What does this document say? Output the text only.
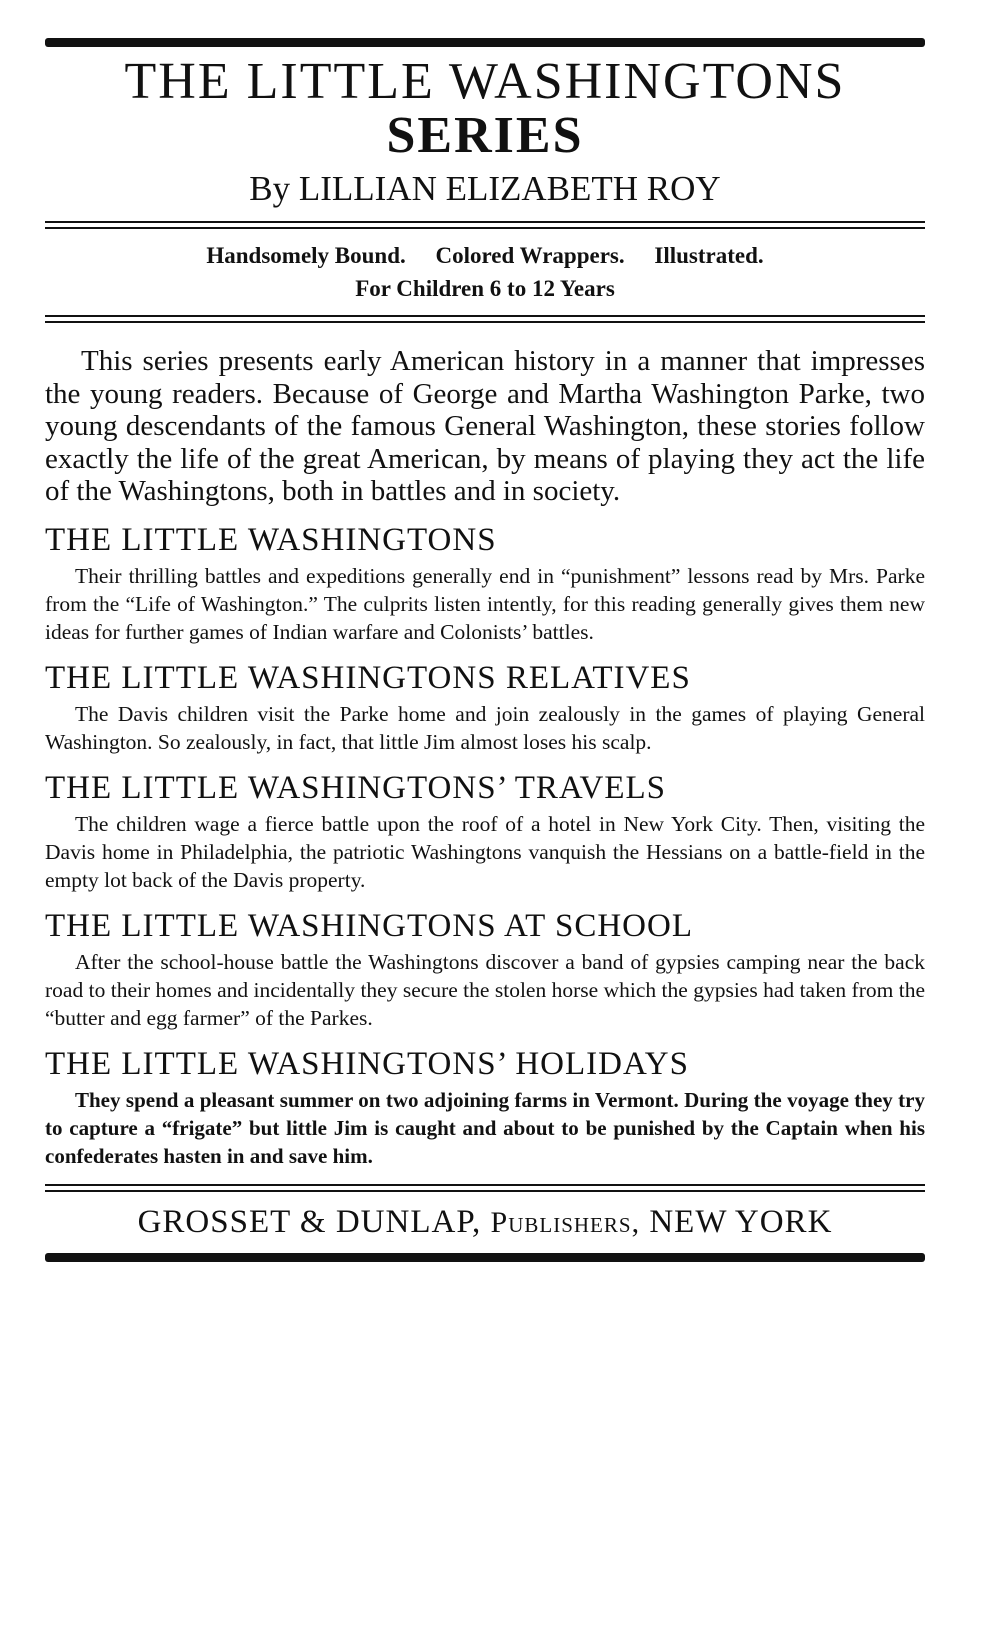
THE LITTLE WASHINGTONS
SERIES
By LILLIAN ELIZABETH ROY
Handsomely Bound. Colored Wrappers. Illustrated.
For Children 6 to 12 Years

This series presents early American history in a manner that impresses the young readers. Because of George and Martha Washington Parke, two young descendants of the famous General Washington, these stories follow exactly the life of the great American, by means of playing they act the life of the Washingtons, both in battles and in society.

THE LITTLE WASHINGTONS

Their thrilling battles and expeditions generally end in “punishment” lessons read by Mrs. Parke from the “Life of Washington.” The culprits listen intently, for this reading generally gives them new ideas for further games of Indian warfare and Colonists’ battles.

THE LITTLE WASHINGTONS RELATIVES

The Davis children visit the Parke home and join zealously in the games of playing General Washington. So zealously, in fact, that little Jim almost loses his scalp.

THE LITTLE WASHINGTONS’ TRAVELS

The children wage a fierce battle upon the roof of a hotel in New York City. Then, visiting the Davis home in Philadelphia, the patriotic Washingtons vanquish the Hessians on a battle-field in the empty lot back of the Davis property.

THE LITTLE WASHINGTONS AT SCHOOL

After the school-house battle the Washingtons discover a band of gypsies camping near the back road to their homes and incidentally they secure the stolen horse which the gypsies had taken from the “butter and egg farmer” of the Parkes.

THE LITTLE WASHINGTONS’ HOLIDAYS

They spend a pleasant summer on two adjoining farms in Vermont. During the voyage they try to capture a “frigate” but little Jim is caught and about to be punished by the Captain when his confederates hasten in and save him.

GROSSET & DUNLAP, Publishers, NEW YORK
